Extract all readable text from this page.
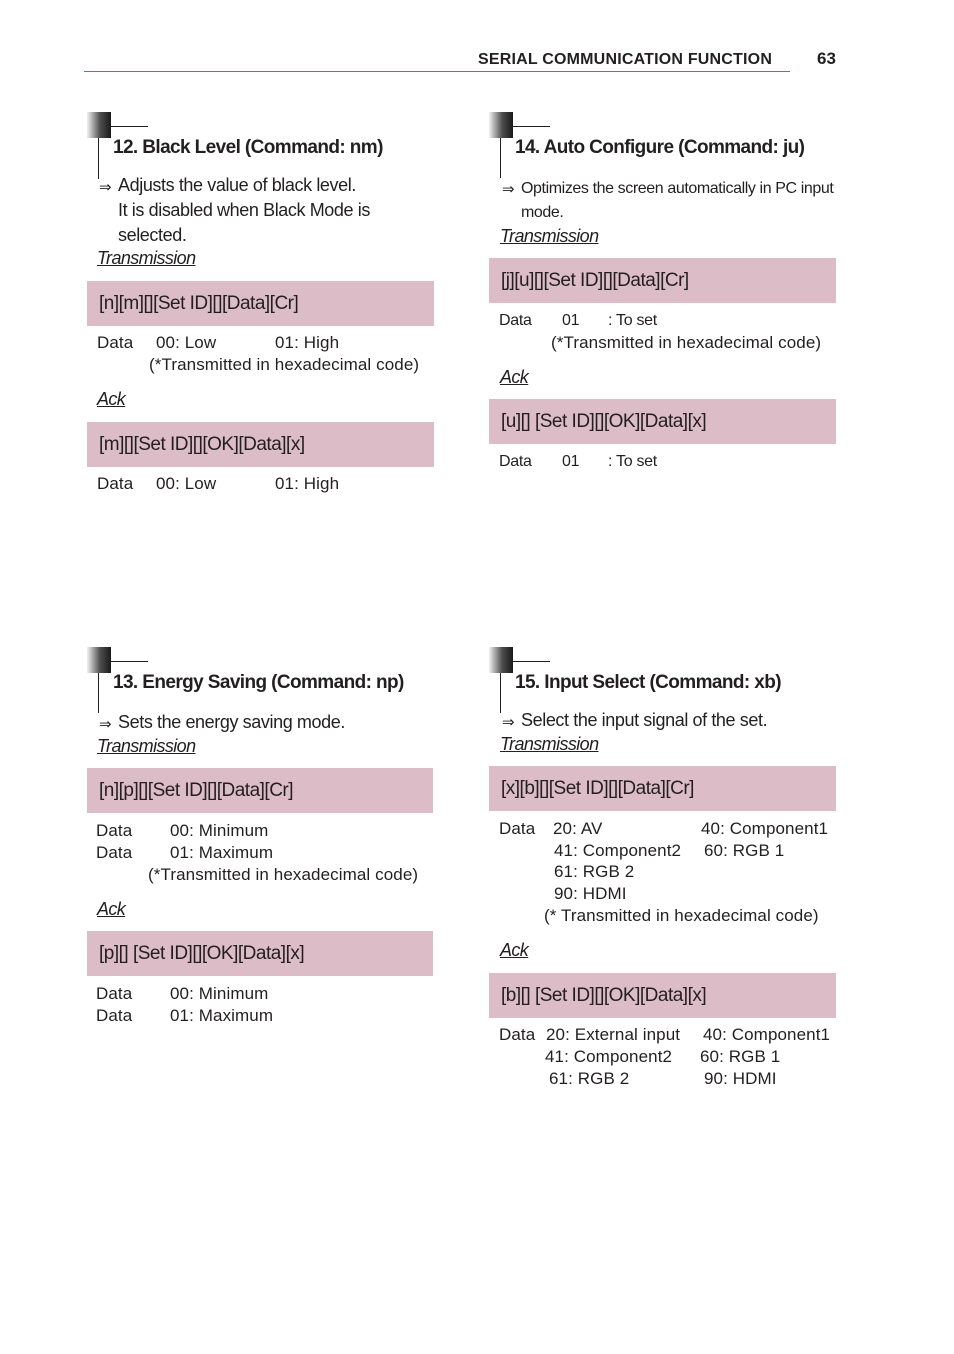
SERIAL COMMUNICATION FUNCTION	63
12. Black Level (Command: nm)
⇒ Adjusts the value of black level.
It is disabled when Black Mode is
selected.
Transmission
[n][m][][Set ID][][Data][Cr]
Data 00: Low	01: High
(*Transmitted in hexadecimal code)
Ack
[m][][Set ID][][OK][Data][x]
Data 00: Low	01: High
14. Auto Configure (Command: ju)
⇒ Optimizes the screen automatically in PC input
mode.
Transmission
[j][u][][Set ID][][Data][Cr]
Data 01 : To set
(*Transmitted in hexadecimal code)
Ack
[u][] [Set ID][][OK][Data][x]
Data 01 : To set
13. Energy Saving (Command: np)
⇒ Sets the energy saving mode.
Transmission
[n][p][][Set ID][][Data][Cr]
Data 00: Minimum
Data 01: Maximum
(*Transmitted in hexadecimal code)
Ack
[p][] [Set ID][][OK][Data][x]
Data 00: Minimum
Data 01: Maximum
15. Input Select (Command: xb)
⇒ Select the input signal of the set.
Transmission
[x][b][][Set ID][][Data][Cr]
Data 20: AV	40: Component1
41: Component2 60: RGB 1
61: RGB 2
90: HDMI
(* Transmitted in hexadecimal code)
Ack
[b][] [Set ID][][OK][Data][x]
Data 20: External input 40: Component1
41: Component2 60: RGB 1
61: RGB 2	90: HDMI
